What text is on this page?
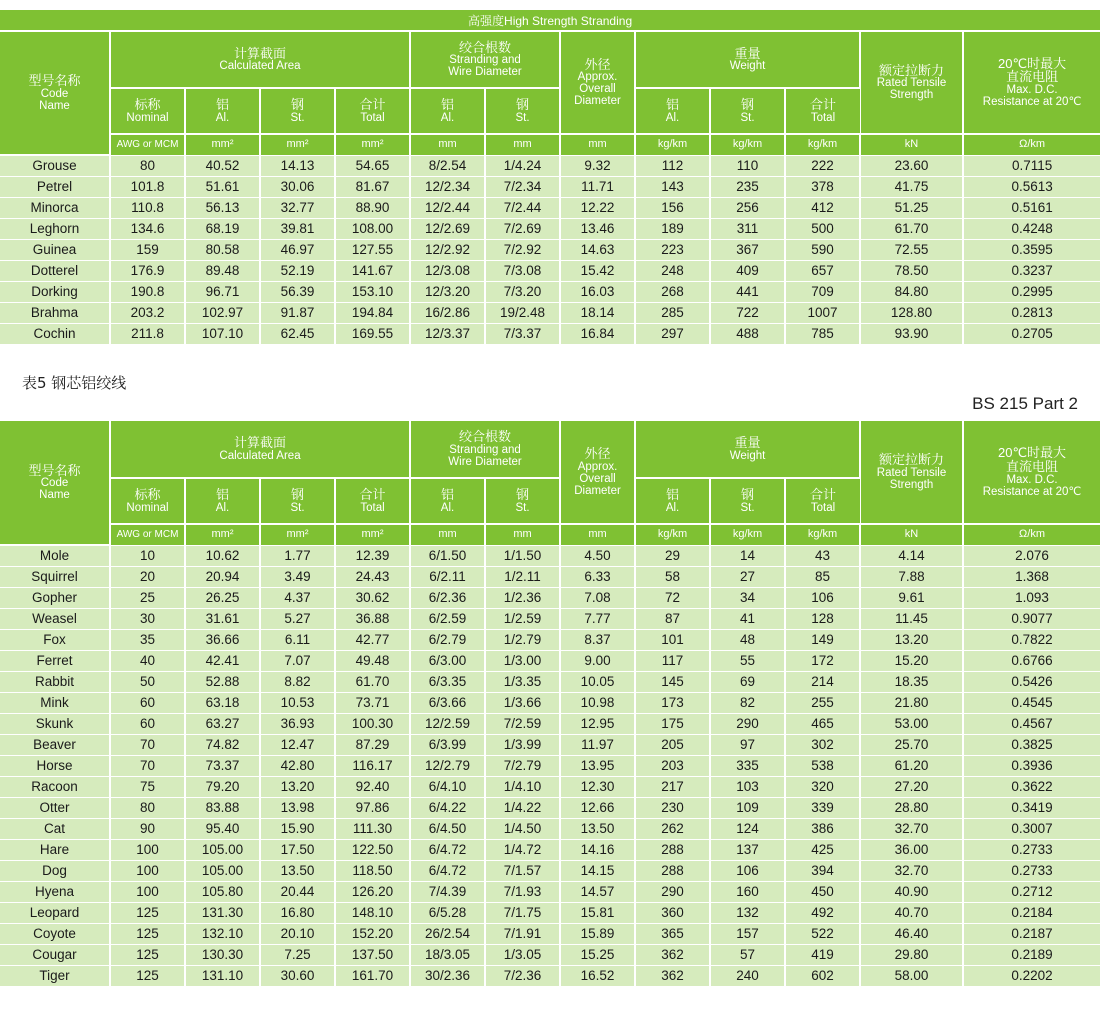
高强度High Strength Stranding												

型号名称
Code
Name	计算截面
Calculated Area				绞合根数
Stranding and
Wire Diameter		外径
Approx.
Overall
Diameter	重量
Weight			额定拉断力
Rated Tensile
Strength	20℃时最大
直流电阻
Max. D.C.
Resistance at 20℃

	标称
Nominal	铝
Al.	钢
St.	合计
Total	铝
Al.	钢
St.		铝
Al.	钢
St.	合计
Total		

	AWG or MCM	mm²	mm²	mm²	mm	mm	mm	kg/km	kg/km	kg/km	kN	Ω/km
Grouse	80	40.52	14.13	54.65	8/2.54	1/4.24	9.32	112	110	222	23.60	0.7115
Petrel	101.8	51.61	30.06	81.67	12/2.34	7/2.34	11.71	143	235	378	41.75	0.5613
Minorca	110.8	56.13	32.77	88.90	12/2.44	7/2.44	12.22	156	256	412	51.25	0.5161
Leghorn	134.6	68.19	39.81	108.00	12/2.69	7/2.69	13.46	189	311	500	61.70	0.4248
Guinea	159	80.58	46.97	127.55	12/2.92	7/2.92	14.63	223	367	590	72.55	0.3595
Dotterel	176.9	89.48	52.19	141.67	12/3.08	7/3.08	15.42	248	409	657	78.50	0.3237
Dorking	190.8	96.71	56.39	153.10	12/3.20	7/3.20	16.03	268	441	709	84.80	0.2995
Brahma	203.2	102.97	91.87	194.84	16/2.86	19/2.48	18.14	285	722	1007	128.80	0.2813
Cochin	211.8	107.10	62.45	169.55	12/3.37	7/3.37	16.84	297	488	785	93.90	0.2705
表5 钢芯铝绞线
BS 215 Part 2
型号名称
Code
Name	计算截面
Calculated Area				绞合根数
Stranding and
Wire Diameter		外径
Approx.
Overall
Diameter	重量
Weight			额定拉断力
Rated Tensile
Strength	20℃时最大
直流电阻
Max. D.C.
Resistance at 20℃

	标称
Nominal	铝
Al.	钢
St.	合计
Total	铝
Al.	钢
St.		铝
Al.	钢
St.	合计
Total		

	AWG or MCM	mm²	mm²	mm²	mm	mm	mm	kg/km	kg/km	kg/km	kN	Ω/km
Mole	10	10.62	1.77	12.39	6/1.50	1/1.50	4.50	29	14	43	4.14	2.076
Squirrel	20	20.94	3.49	24.43	6/2.11	1/2.11	6.33	58	27	85	7.88	1.368
Gopher	25	26.25	4.37	30.62	6/2.36	1/2.36	7.08	72	34	106	9.61	1.093
Weasel	30	31.61	5.27	36.88	6/2.59	1/2.59	7.77	87	41	128	11.45	0.9077
Fox	35	36.66	6.11	42.77	6/2.79	1/2.79	8.37	101	48	149	13.20	0.7822
Ferret	40	42.41	7.07	49.48	6/3.00	1/3.00	9.00	117	55	172	15.20	0.6766
Rabbit	50	52.88	8.82	61.70	6/3.35	1/3.35	10.05	145	69	214	18.35	0.5426
Mink	60	63.18	10.53	73.71	6/3.66	1/3.66	10.98	173	82	255	21.80	0.4545
Skunk	60	63.27	36.93	100.30	12/2.59	7/2.59	12.95	175	290	465	53.00	0.4567
Beaver	70	74.82	12.47	87.29	6/3.99	1/3.99	11.97	205	97	302	25.70	0.3825
Horse	70	73.37	42.80	116.17	12/2.79	7/2.79	13.95	203	335	538	61.20	0.3936
Racoon	75	79.20	13.20	92.40	6/4.10	1/4.10	12.30	217	103	320	27.20	0.3622
Otter	80	83.88	13.98	97.86	6/4.22	1/4.22	12.66	230	109	339	28.80	0.3419
Cat	90	95.40	15.90	111.30	6/4.50	1/4.50	13.50	262	124	386	32.70	0.3007
Hare	100	105.00	17.50	122.50	6/4.72	1/4.72	14.16	288	137	425	36.00	0.2733
Dog	100	105.00	13.50	118.50	6/4.72	7/1.57	14.15	288	106	394	32.70	0.2733
Hyena	100	105.80	20.44	126.20	7/4.39	7/1.93	14.57	290	160	450	40.90	0.2712
Leopard	125	131.30	16.80	148.10	6/5.28	7/1.75	15.81	360	132	492	40.70	0.2184
Coyote	125	132.10	20.10	152.20	26/2.54	7/1.91	15.89	365	157	522	46.40	0.2187
Cougar	125	130.30	7.25	137.50	18/3.05	1/3.05	15.25	362	57	419	29.80	0.2189
Tiger	125	131.10	30.60	161.70	30/2.36	7/2.36	16.52	362	240	602	58.00	0.2202
